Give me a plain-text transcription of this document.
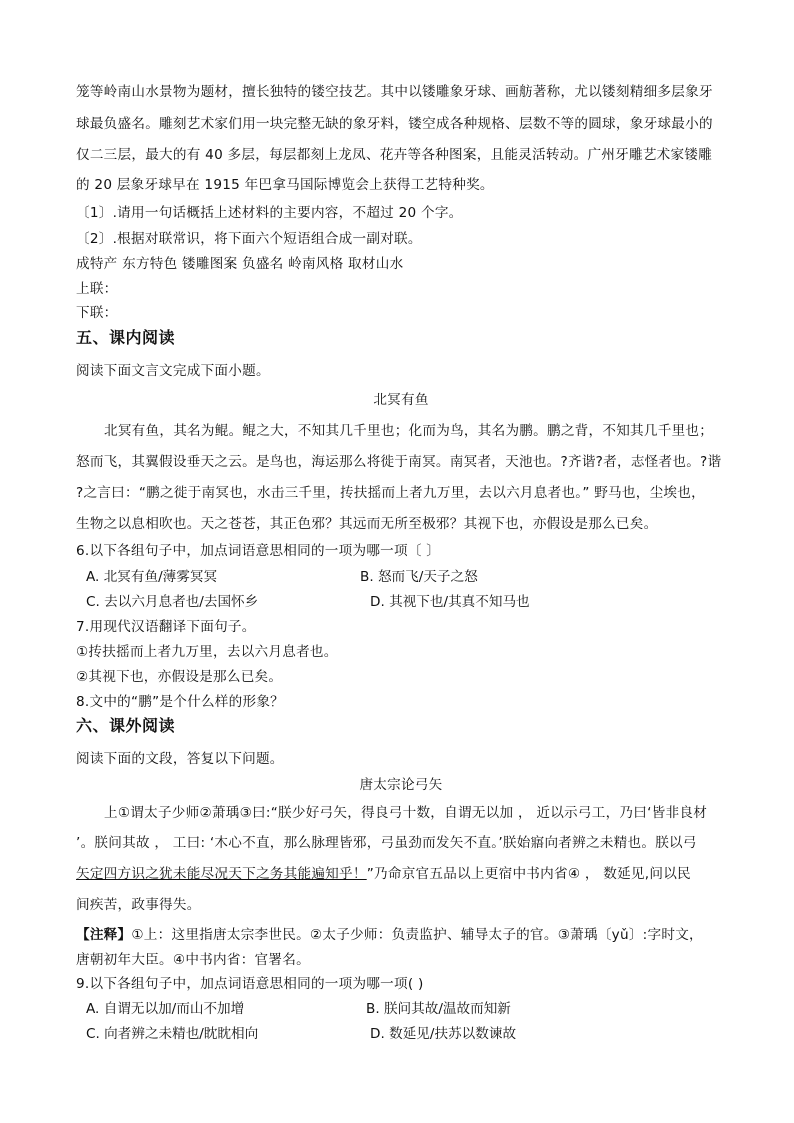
笼等岭南山水景物为题材，擅长独特的镂空技艺。其中以镂雕象牙球、画舫著称，尤以镂刻精细多层象牙
球最负盛名。雕刻艺术家们用一块完整无缺的象牙料，镂空成各种规格、层数不等的圆球，象牙球最小的
仅二三层，最大的有 40 多层，每层都刻上龙凤、花卉等各种图案，且能灵活转动。广州牙雕艺术家镂雕
的 20 层象牙球早在 1915 年巴拿马国际博览会上获得工艺特种奖。
〔1〕.请用一句话概括上述材料的主要内容，不超过 20 个字。
〔2〕.根据对联常识，将下面六个短语组合成一副对联。
成特产 东方特色 镂雕图案 负盛名 岭南风格 取材山水
上联：
下联：
五、课内阅读
阅读下面文言文完成下面小题。
北冥有鱼
北冥有鱼，其名为鲲。鲲之大，不知其几千里也；化而为鸟，其名为鹏。鹏之背，不知其几千里也；
怒而飞，其翼假设垂天之云。是鸟也，海运那么将徙于南冥。南冥者，天池也。?齐谐?者，志怪者也。?谐
?之言曰：“鹏之徙于南冥也，水击三千里，抟扶摇而上者九万里，去以六月息者也。” 野马也，尘埃也，
生物之以息相吹也。天之苍苍，其正色邪？其远而无所至极邪？其视下也，亦假设是那么已矣。
6.以下各组句子中，加点词语意思相同的一项为哪一项〔 〕
A. 北冥有鱼/薄雾冥冥	B. 怒而飞/天子之怒
C. 去以六月息者也/去国怀乡	D. 其视下也/其真不知马也
7.用现代汉语翻译下面句子。
①抟扶摇而上者九万里，去以六月息者也。
②其视下也，亦假设是那么已矣。
8.文中的“鹏”是个什么样的形象？
六、课外阅读
阅读下面的文段，答复以下问题。
唐太宗论弓矢
上①谓太子少师②萧瑀③曰:“朕少好弓矢，得良弓十数，自谓无以加 ， 近以示弓工，乃曰‘皆非良材
’。朕问其故 ， 工曰: ‘木心不直，那么脉理皆邪，弓虽劲而发矢不直。’朕始寤向者辨之未精也。朕以弓
矢定四方识之犹未能尽况天下之务其能遍知乎！”乃命京官五品以上更宿中书内省④ ， 数延见,问以民
间疾苦，政事得失。
【注释】①上：这里指唐太宗李世民。②太子少师：负责监护、辅导太子的官。③萧瑀〔yǔ〕:字时文，
唐朝初年大臣。④中书内省：官署名。
9.以下各组句子中，加点词语意思相同的一项为哪一项( )
A. 自谓无以加/而山不加增	B. 朕问其故/温故而知新
C. 向者辨之未精也/眈眈相向	D. 数延见/扶苏以数谏故
